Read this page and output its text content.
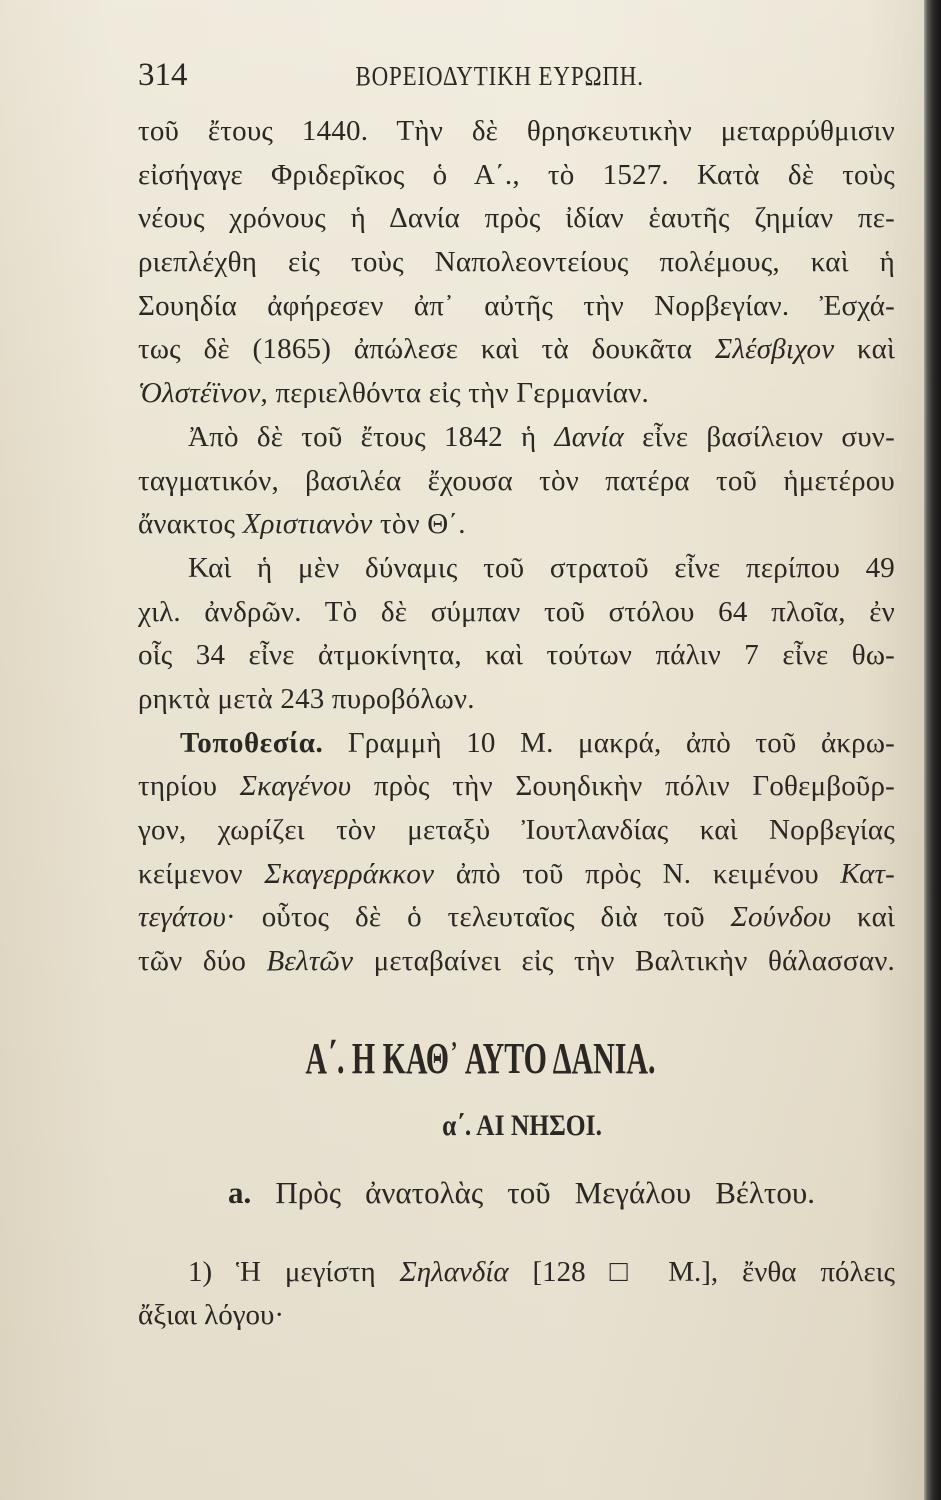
314	ΒΟΡΕΙΟΔΥΤΙΚΗ ΕΥΡΩΠΗ.
τοῦ ἔτους 1440. Τὴν δὲ θρησκευτικὴν μεταρρύθμισιν
εἰσήγαγε Φριδερῖκος ὁ Α΄., τὸ 1527. Κατὰ δὲ τοὺς
νέους χρόνους ἡ Δανία πρὸς ἰδίαν ἑαυτῆς ζημίαν πε-
ριεπλέχθη εἰς τοὺς Ναπολεοντείους πολέμους, καὶ ἡ
Σουηδία ἀφήρεσεν ἀπ᾽ αὐτῆς τὴν Νορβεγίαν. Ἐσχά-
τως δὲ (1865) ἀπώλεσε καὶ τὰ δουκᾶτα Σλέσβιχον καὶ
Ὁλστέϊνον, περιελθόντα εἰς τὴν Γερμανίαν.
Ἀπὸ δὲ τοῦ ἔτους 1842 ἡ Δανία εἶνε βασίλειον συν-
ταγματικόν, βασιλέα ἔχουσα τὸν πατέρα τοῦ ἡμετέρου
ἄνακτος Χριστιανὸν τὸν Θ΄.
Καὶ ἡ μὲν δύναμις τοῦ στρατοῦ εἶνε περίπου 49
χιλ. ἀνδρῶν. Τὸ δὲ σύμπαν τοῦ στόλου 64 πλοῖα, ἐν
οἷς 34 εἶνε ἀτμοκίνητα, καὶ τούτων πάλιν 7 εἶνε θω-
ρηκτὰ μετὰ 243 πυροβόλων.
Τοποθεσία. Γραμμὴ 10 Μ. μακρά, ἀπὸ τοῦ ἀκρω-
τηρίου Σκαγένου πρὸς τὴν Σουηδικὴν πόλιν Γοθεμβοῦρ-
γον, χωρίζει τὸν μεταξὺ Ἰουτλανδίας καὶ Νορβεγίας
κείμενον Σκαγερράκκον ἀπὸ τοῦ πρὸς Ν. κειμένου Κατ-
τεγάτου· οὗτος δὲ ὁ τελευταῖος διὰ τοῦ Σούνδου καὶ
τῶν δύο Βελτῶν μεταβαίνει εἰς τὴν Βαλτικὴν θάλασσαν.
Α΄. Η ΚΑΘ᾽ ΑΥΤΟ ΔΑΝΙΑ.
α΄. ΑΙ ΝΗΣΟΙ.
a. Πρὸς ἀνατολὰς τοῦ Μεγάλου Βέλτου.
1) Ἡ μεγίστη Σηλανδία [128 □ Μ.], ἔνθα πόλεις
ἄξιαι λόγου·
